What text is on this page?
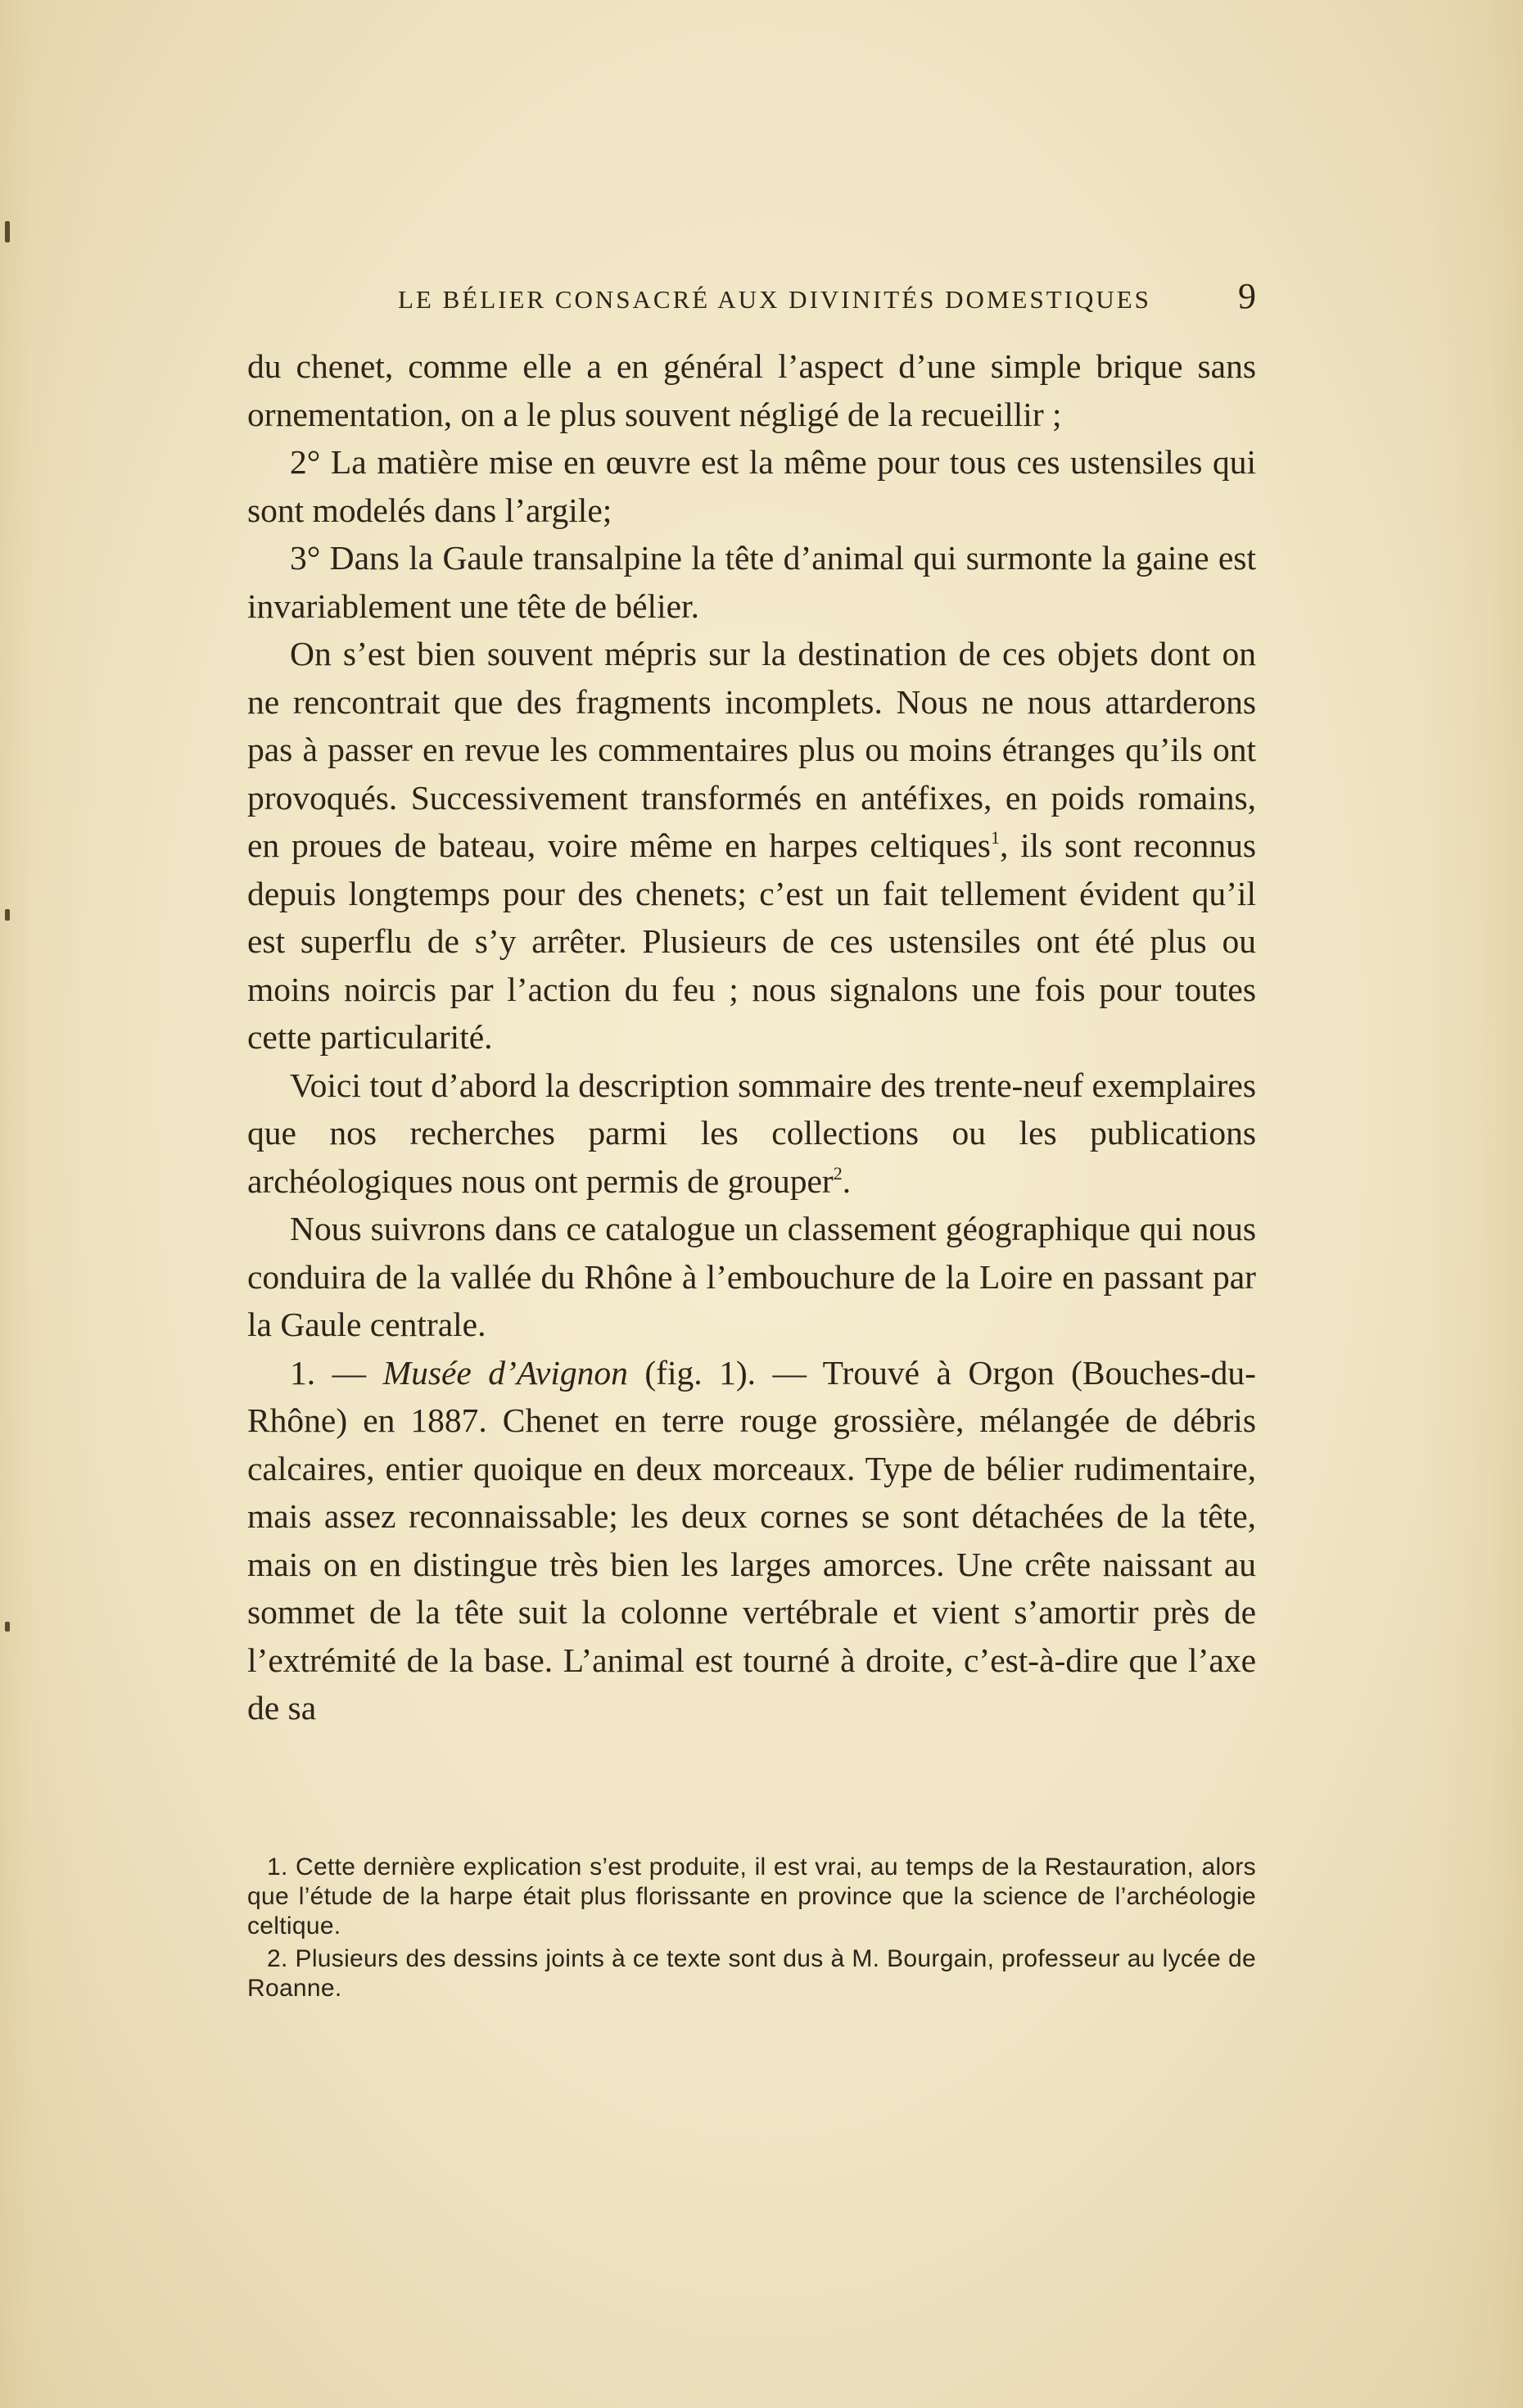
LE BÉLIER CONSACRÉ AUX DIVINITÉS DOMESTIQUES 9

du chenet, comme elle a en général l’aspect d’une simple brique sans ornementation, on a le plus souvent négligé de la recueillir ;

2° La matière mise en œuvre est la même pour tous ces ustensiles qui sont modelés dans l’argile;

3° Dans la Gaule transalpine la tête d’animal qui surmonte la gaine est invariablement une tête de bélier.

On s’est bien souvent mépris sur la destination de ces objets dont on ne rencontrait que des fragments incomplets. Nous ne nous attarderons pas à passer en revue les commentaires plus ou moins étranges qu’ils ont provoqués. Successivement transformés en antéfixes, en poids romains, en proues de bateau, voire même en harpes celtiques$^1$, ils sont reconnus depuis longtemps pour des chenets; c’est un fait tellement évident qu’il est superflu de s’y arrêter. Plusieurs de ces ustensiles ont été plus ou moins noircis par l’action du feu ; nous signalons une fois pour toutes cette particularité.

Voici tout d’abord la description sommaire des trente-neuf exemplaires que nos recherches parmi les collections ou les publications archéologiques nous ont permis de grouper$^2$.

Nous suivrons dans ce catalogue un classement géographique qui nous conduira de la vallée du Rhône à l’embouchure de la Loire en passant par la Gaule centrale.

1. — Musée d’Avignon (fig. 1). — Trouvé à Orgon (Bouches-du-Rhône) en 1887. Chenet en terre rouge grossière, mélangée de débris calcaires, entier quoique en deux morceaux. Type de bélier rudimentaire, mais assez reconnaissable; les deux cornes se sont détachées de la tête, mais on en distingue très bien les larges amorces. Une crête naissant au sommet de la tête suit la colonne vertébrale et vient s’amortir près de l’extrémité de la base. L’animal est tourné à droite, c’est-à-dire que l’axe de sa

1. Cette dernière explication s’est produite, il est vrai, au temps de la Restauration, alors que l’étude de la harpe était plus florissante en province que la science de l’archéologie celtique.

2. Plusieurs des dessins joints à ce texte sont dus à M. Bourgain, professeur au lycée de Roanne.
